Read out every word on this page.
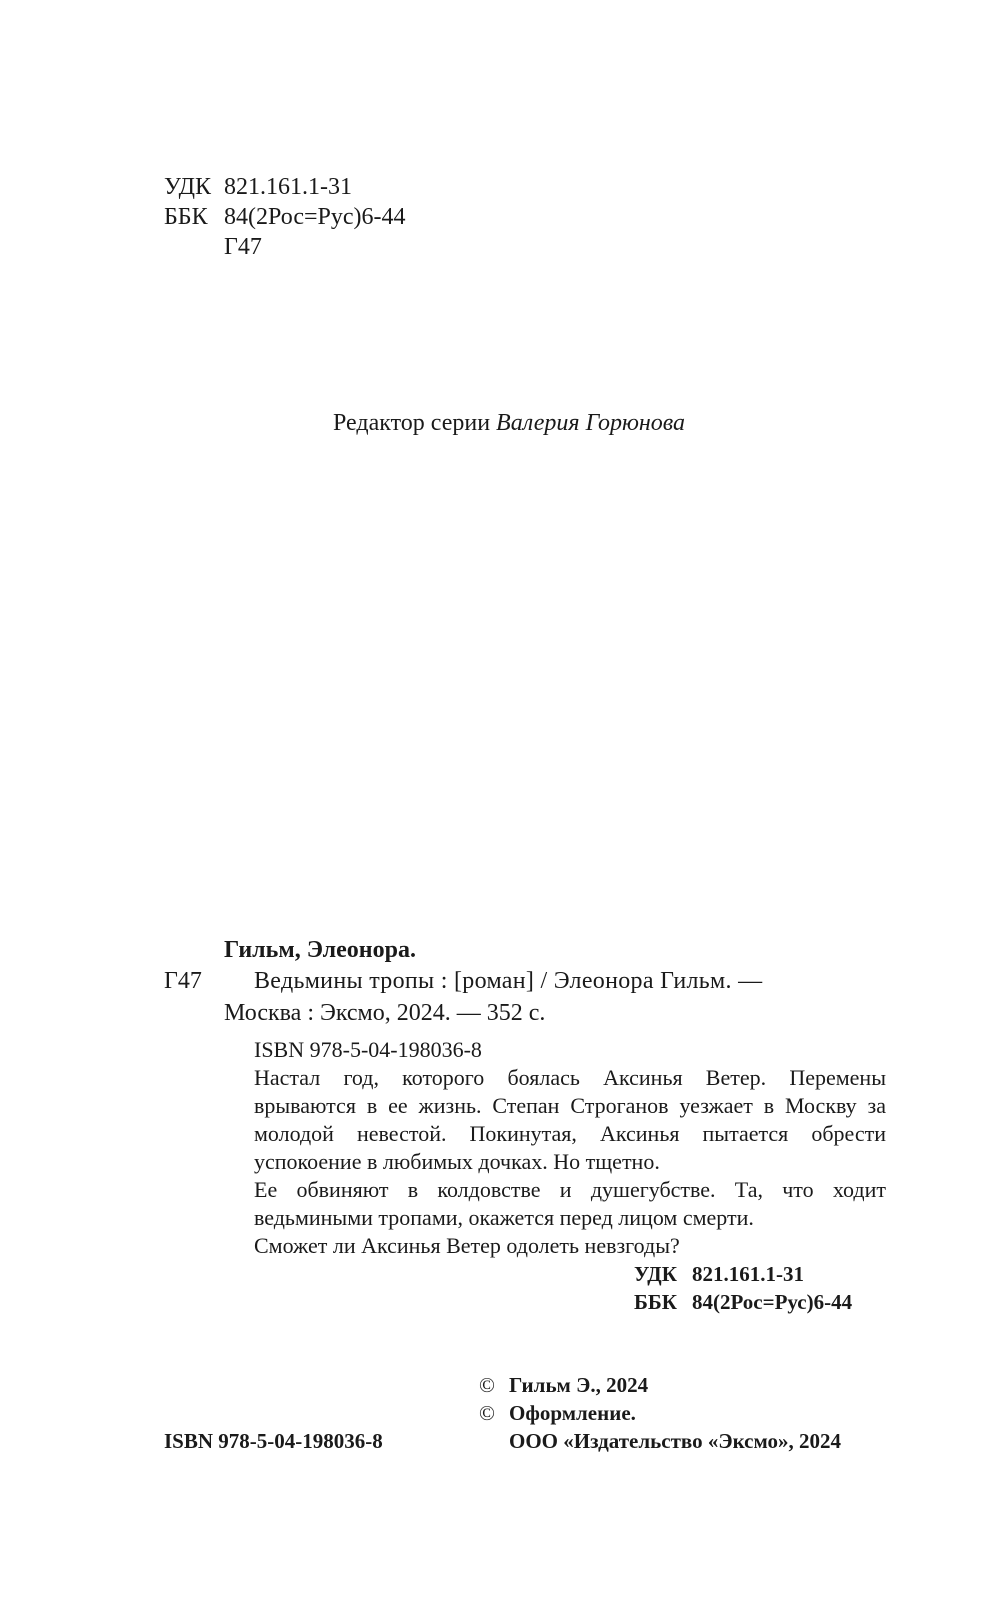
УДК 821.161.1-31
ББК 84(2Рос=Рус)6-44
Г47
Редактор серии Валерия Горюнова
Гильм, Элеонора.
Г47 Ведьмины тропы : [роман] / Элеонора Гильм. —
Москва : Эксмо, 2024. — 352 с.
ISBN 978-5-04-198036-8

Настал год, которого боялась Аксинья Ветер. Перемены врываются в ее жизнь. Степан Строганов уезжает в Москву за молодой невестой. Покинутая, Аксинья пытается обрести успокоение в любимых дочках. Но тщетно.

Ее обвиняют в колдовстве и душегубстве. Та, что ходит ведьмиными тропами, окажется перед лицом смерти.

Сможет ли Аксинья Ветер одолеть невзгоды?
УДК 821.161.1-31
ББК 84(2Рос=Рус)6-44
© Гильм Э., 2024
© Оформление.
ООО «Издательство «Эксмо», 2024
ISBN 978-5-04-198036-8
